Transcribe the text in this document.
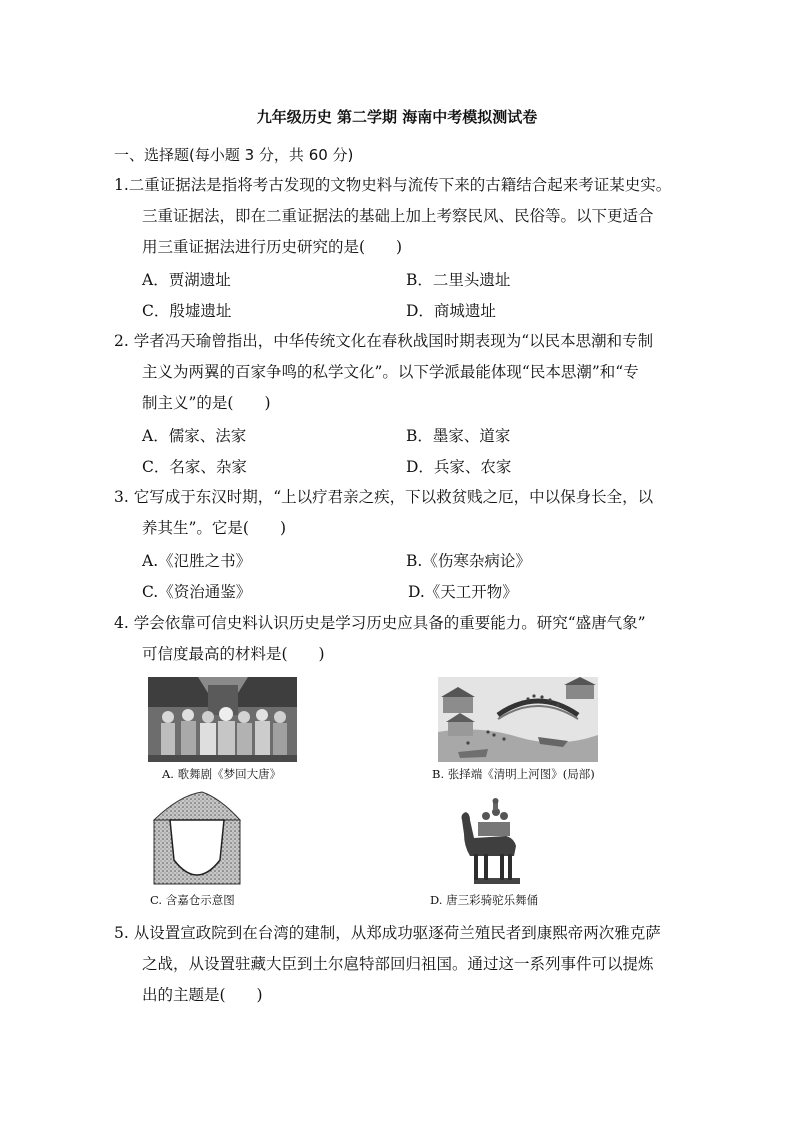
九年级历史 第二学期 海南中考模拟测试卷
一、选择题(每小题 3 分，共 60 分)
1.二重证据法是指将考古发现的文物史料与流传下来的古籍结合起来考证某史实。
三重证据法，即在二重证据法的基础上加上考察民风、民俗等。以下更适合
用三重证据法进行历史研究的是(　　)
A．贾湖遗址	B．二里头遗址
C．殷墟遗址	D．商城遗址
2. 学者冯天瑜曾指出，中华传统文化在春秋战国时期表现为“以民本思潮和专制
主义为两翼的百家争鸣的私学文化”。以下学派最能体现“民本思潮”和“专
制主义”的是(　　)
A．儒家、法家	B．墨家、道家
C．名家、杂家	D．兵家、农家
3. 它写成于东汉时期，“上以疗君亲之疾，下以救贫贱之厄，中以保身长全，以
养其生”。它是(　　)
A.《氾胜之书》	B.《伤寒杂病论》
C.《资治通鉴》	D.《天工开物》
4. 学会依靠可信史料认识历史是学习历史应具备的重要能力。研究“盛唐气象”
可信度最高的材料是(　　)
A. 歌舞剧《梦回大唐》	B. 张择端《清明上河图》(局部)
C. 含嘉仓示意图	D. 唐三彩骑驼乐舞俑
5. 从设置宣政院到在台湾的建制，从郑成功驱逐荷兰殖民者到康熙帝两次雅克萨
之战，从设置驻藏大臣到土尔扈特部回归祖国。通过这一系列事件可以提炼
出的主题是(　　)
